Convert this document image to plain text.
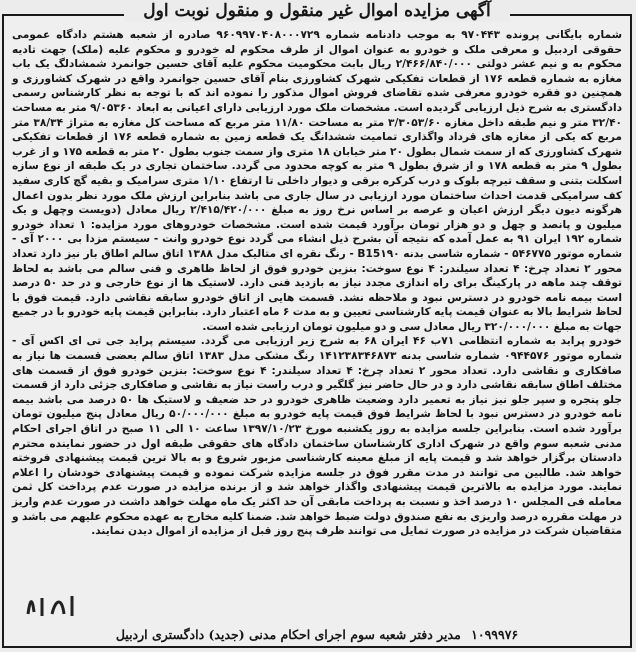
آگهی مزایده اموال غیر منقول و منقول نوبت اول

شماره بایگانی پرونده ۹۷۰۴۴۳ به موجب دادنامه شماره ۹۶۰۹۹۷۰۴۰۸۰۰۰۷۲۹ صادره از شعبه هشتم دادگاه عمومی حقوقی اردبیل و معرفی ملک و خودرو به عنوان اموال از طرف محکوم له خودرو و محکوم علیه (ملک) جهت تادیه محکوم به و نیم عشر دولتی ۲/۴۶۶/۸۴۰/۰۰۰ ریال بابت محکومیت محکوم علیه آقای حسین جوانمرد شمشادلگ یک باب مغازه به شماره قطعه ۱۷۶ از قطعات تفکیکی شهرک کشاورزی بنام آقای حسین جوانمرد واقع در شهرک کشاورزی و همچنین دو فقره خودرو معرفی شده تقاضای فروش اموال مذکور را نموده اند که با توجه به نظر کارشناس رسمی دادگستری به شرح ذیل ارزیابی گردیده است. مشخصات ملک مورد ارزیابی دارای اعیانی به ابعاد ۹/۰۵۳۶۰ متر به مساحت ۳۲/۴۰ متر و نیم طبقه داخل مغازه ۳/۳۰۵۳/۶۰ متر به مساحت ۱۱/۸۰ متر مربع که مساحت کل مغازه به متراژ ۳۸/۳۴ متر مربع که یکی از مغازه های قرداد واگذاری تمامیت ششدانگ یک قطعه زمین به شماره قطعه ۱۷۶ از قطعات تفکیکی شهرک کشاورزی که از سمت شمال بطول ۲۰ متر خیابان ۱۸ متری واز سمت جنوب بطول ۲۰ متر به قطعه ۱۷۵ و از غرب بطول ۹ متر به قطعه ۱۷۸ و از شرق بطول ۹ متر به کوچه محدود می گردد. ساختمان تجاری در یک طبقه از نوع سازه اسکلت بتنی و سقف تیرچه بلوک و درب کرکره برقی و دیوار داخلی تا ارتفاع ۱/۱۰ متری سرامیک و بقیه گچ کاری سفید کف سرامیکی قدمت احداث ساختمان مورد ارزیابی در سال جاری می باشد بنابراین ارزش ملک مورد نظر بدون اعمال هرگونه دیون دیگر ارزش اعیان و عرصه بر اساس نرخ روز به مبلغ ۲/۴۱۵/۴۲۰/۰۰۰ ریال معادل (دویست وچهل و یک میلیون و پانصد و چهل و دو هزار تومان برآورد قیمت شده است. مشخصات خودروهای مورد مزایده: ۱ تعداد خودرو شماره ۱۹۲ ایران ۹۱ به عمل آمده که نتیجه آن بشرح ذیل انشاء می گردد نوع خودرو وانت - سیستم مزدا بی ۲۰۰۰ آی - شماره موتور ۵۴۶۷۷۵ - شماره شاسی بدنه B15۱۹۰ - رنگ نقره ای متالیک مدل ۱۳۸۸ اتاق سالم اطاق بار نیز دارد تعداد محور ۲ تعداد چرخ: ۴ تعداد سیلندر: ۴ نوع سوخت: بنزین خودرو فوق از لحاظ ظاهری و فنی سالم می باشد به لحاظ توقف چند ماهه در پارکینگ برای راه اندازی مجدد نیاز به بازدید فنی دارد. لاستیک ها از نوع خارجی و در حد ۵۰ درصد است بیمه نامه خودرو در دسترس نبود و ملاحظه نشد. قسمت هایی از اتاق خودرو سابقه نقاشی دارد. قیمت فوق با لحاظ شرایط بالا به عنوان قیمت پایه کارشناسی تعیین و به مدت ۶ ماه اعتبار دارد. بنابراین قیمت پایه خودرو با در جمیع جهات به مبلغ ۳۲۰/۰۰۰/۰۰۰ ریال معادل سی و دو میلیون تومان ارزیابی شده است.

خودرو پراید به شماره انتظامی ۷۱ب ۴۶ ایران ۶۸ به شرح زیر ارزیابی می گردد. سیستم پراید جی تی ای اکس آی - شماره موتور ۰۹۴۴۵۷۶ شماره شاسی بدنه ۱۴۱۲۳۸۳۴۶۸۷۳ رنگ مشکی مدل ۱۳۸۳ اتاق سالم بعضی قسمت ها نیاز به صافکاری و نقاشی دارد. تعداد محور ۲ تعداد چرخ: ۴ تعداد سیلندر: ۴ نوع سوخت: بنزین خودرو فوق از قسمت های مختلف اطاق سابقه نقاشی دارد و در حال حاضر نیز گلگیر و درب راست نیاز به نقاشی و صافکاری جزئی دارد از قسمت جلو پنجره و سپر جلو نیز نیاز به تعمیر دارد وضعیت ظاهری خودرو در حد ضعیف و لاستیک ها ۵۰ درصد می باشد بیمه نامه خودرو در دسترس نبود با لحاظ شرایط فوق قیمت پایه خودرو به مبلغ ۵۰/۰۰۰/۰۰۰ ریال معادل پنج میلیون تومان برآورد شده است. بنابراین جلسه مزایده به روز یکشنبه مورخ ۱۳۹۷/۱۰/۲۳ ساعت ۱۰ الی ۱۱ صبح در اتاق اجرای احکام مدنی شعبه سوم واقع در شهرک اداری کارشناسان ساختمان دادگاه های حقوقی طبقه اول در حضور نماینده محترم دادستان برگزار خواهد شد و قیمت پایه از مبلغ معینه کارشناسی مزبور شروع و به بالا ترین قیمت پیشنهادی فروخته خواهد شد. طالبین می توانند در مدت مقرر فوق در جلسه مزایده شرکت نموده و قیمت پیشنهادی خودشان را اعلام نمایند. مورد مزایده به بالاترین قیمت پیشنهادی واگذار خواهد شد و از برنده مزایده در صورت عدم پرداخت کل ثمن معامله فی المجلس ۱۰ درصد اخذ و نسبت به پرداخت مابقی آن حد اکثر یک ماه مهلت خواهد داشت در صورت عدم واریز در مهلت مقرره درصد واریزی به نفع صندوق دولت ضبط خواهد شد. ضمنا کلیه مخارج به عهده محکوم علیهم می باشد و متقاضیان شرکت در مزایده در صورت تمایل می توانند ظرف پنج روز قبل از مزایده از اموال دیدن نمایند.

۱۰۹۹۹۷۶ مدیر دفتر شعبه سوم اجرای احکام مدنی (جدید) دادگستری اردبیل
